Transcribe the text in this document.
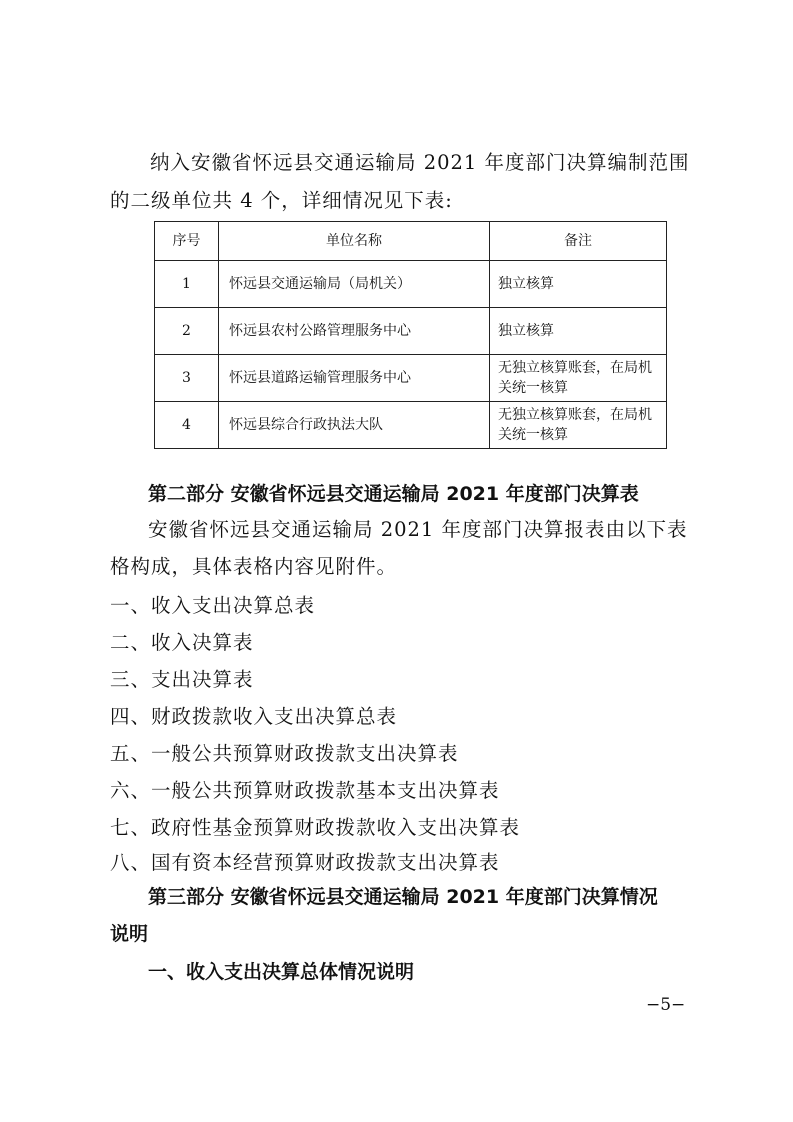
纳入安徽省怀远县交通运输局 2021 年度部门决算编制范围
的二级单位共 4 个，详细情况见下表:
序号	单位名称	备注
1	怀远县交通运输局（局机关）	独立核算
2	怀远县农村公路管理服务中心	独立核算
3	怀远县道路运输管理服务中心	无独立核算账套，在局机关统一核算
4	怀远县综合行政执法大队	无独立核算账套，在局机关统一核算
第二部分 安徽省怀远县交通运输局 2021 年度部门决算表
安徽省怀远县交通运输局 2021 年度部门决算报表由以下表
格构成，具体表格内容见附件。
一、收入支出决算总表
二、收入决算表
三、支出决算表
四、财政拨款收入支出决算总表
五、一般公共预算财政拨款支出决算表
六、一般公共预算财政拨款基本支出决算表
七、政府性基金预算财政拨款收入支出决算表
八、国有资本经营预算财政拨款支出决算表
第三部分 安徽省怀远县交通运输局 2021 年度部门决算情况
说明
一、收入支出决算总体情况说明
−5−
